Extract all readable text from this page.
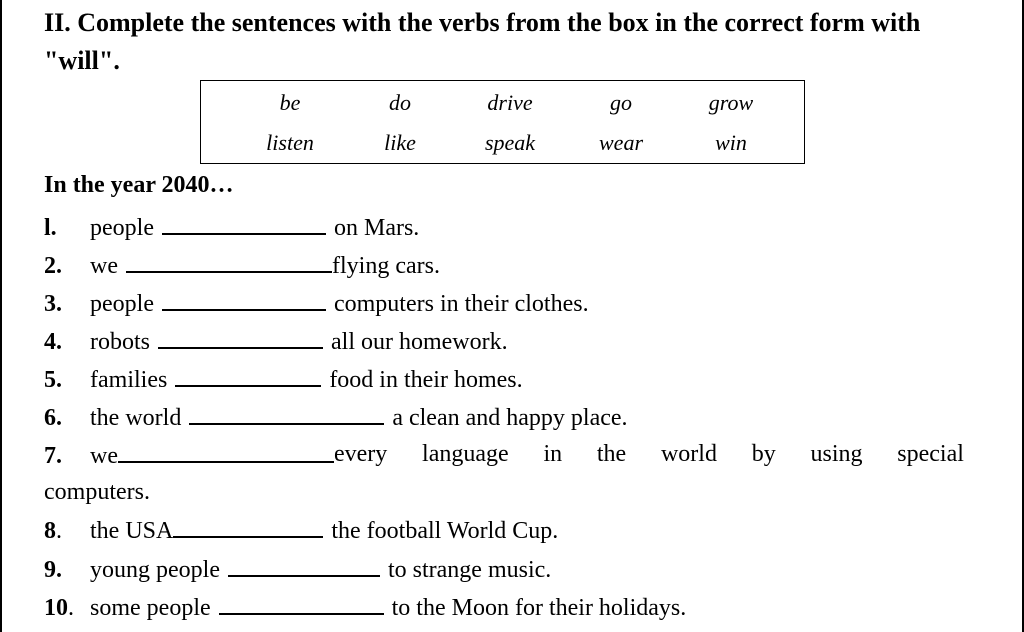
II. Complete the sentences with the verbs from the box in the correct form with "will".
be	do	drive	go	grow
listen	like	speak	wear	win
In the year 2040…
l. people	on Mars.
2. we	flying cars.
3. people	computers in their clothes.
4. robots	all our homework.
5. families	food in their homes.
6. the world	a clean and happy place.
7. we	every language in the world by using special
computers.
8. the USA	the football World Cup.
9. young people	to strange music.
10. some people	to the Moon for their holidays.
